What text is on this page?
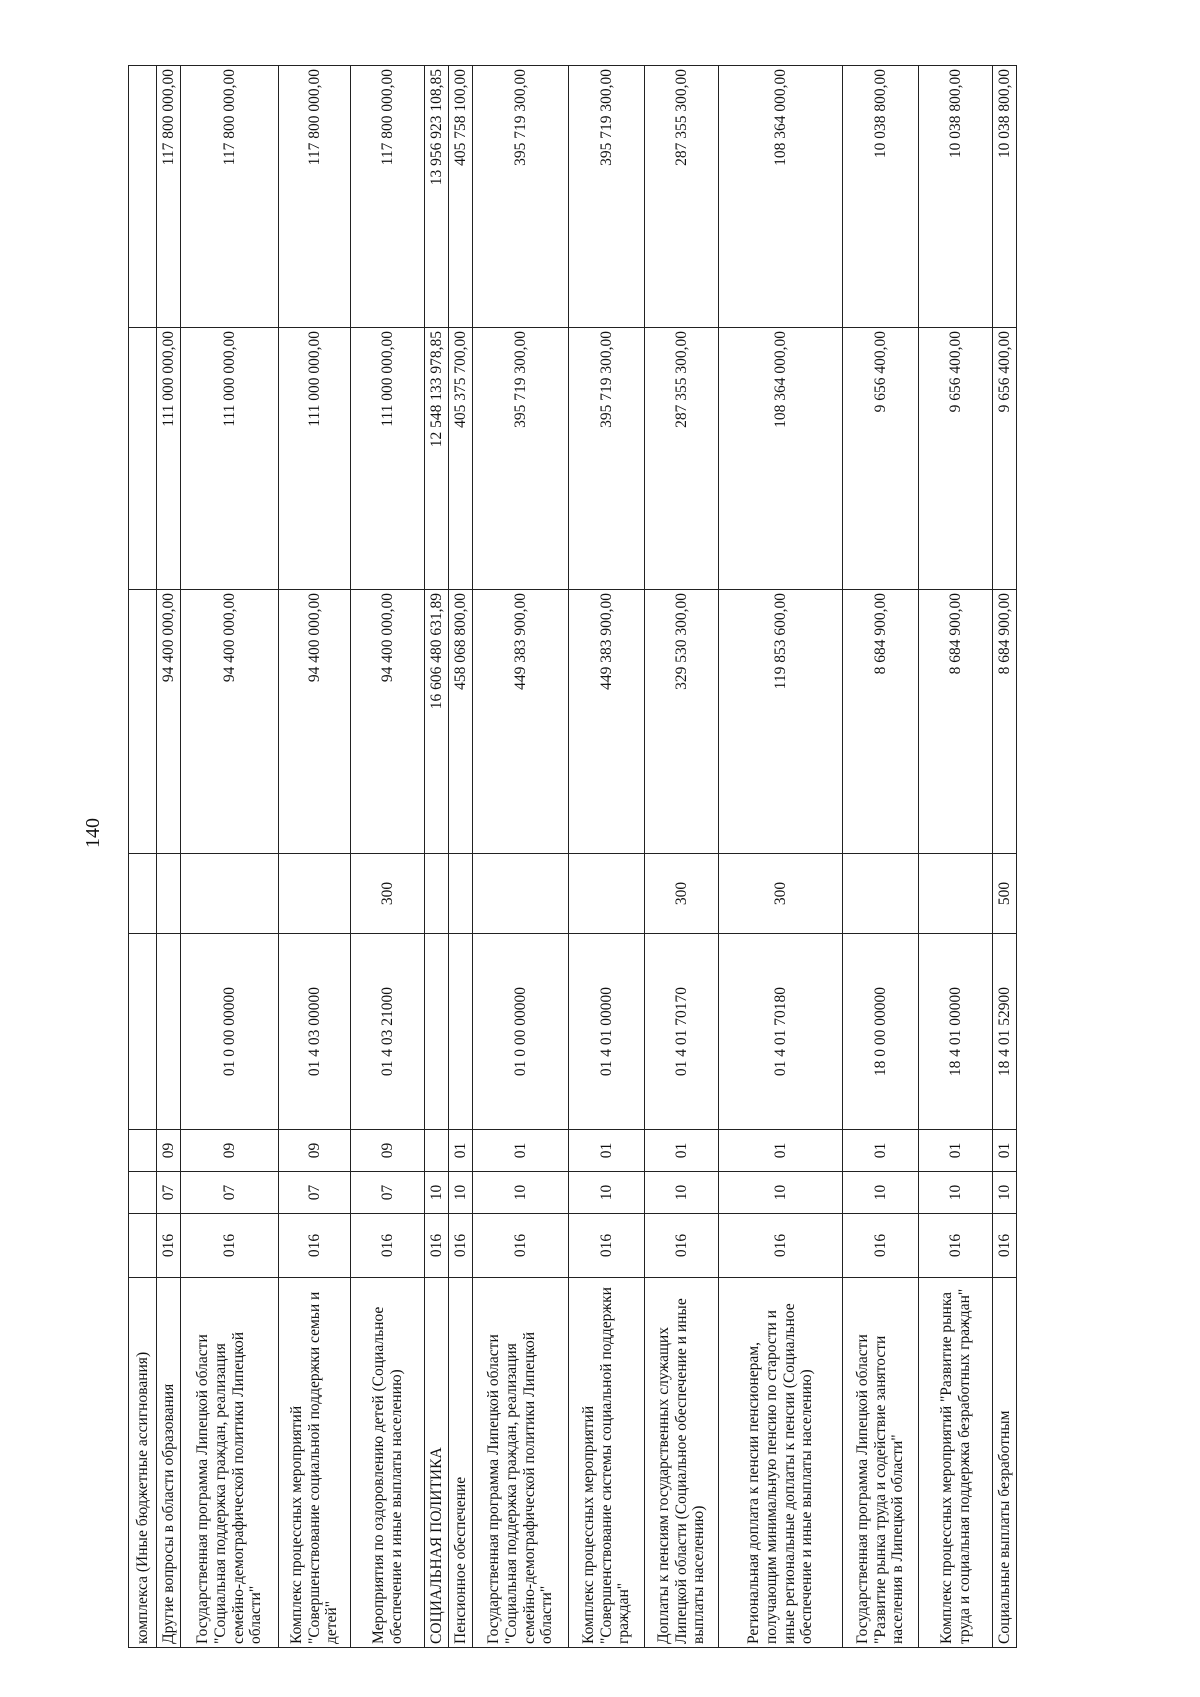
140
комплекса (Иные бюджетные ассигнования)								
Другие вопросы в области образования	016	07	09			94 400 000,00	111 000 000,00	117 800 000,00
Государственная программа Липецкой области "Социальная поддержка граждан, реализация семейно-демографической политики Липецкой области"	016	07	09	01 0 00 00000		94 400 000,00	111 000 000,00	117 800 000,00
Комплекс процессных мероприятий "Совершенствование социальной поддержки семьи и детей"	016	07	09	01 4 03 00000		94 400 000,00	111 000 000,00	117 800 000,00
Мероприятия по оздоровлению детей (Социальное обеспечение и иные выплаты населению)	016	07	09	01 4 03 21000	300	94 400 000,00	111 000 000,00	117 800 000,00
СОЦИАЛЬНАЯ ПОЛИТИКА	016	10				16 606 480 631,89	12 548 133 978,85	13 956 923 108,85
Пенсионное обеспечение	016	10	01			458 068 800,00	405 375 700,00	405 758 100,00
Государственная программа Липецкой области "Социальная поддержка граждан, реализация семейно-демографической политики Липецкой области"	016	10	01	01 0 00 00000		449 383 900,00	395 719 300,00	395 719 300,00
Комплекс процессных мероприятий "Совершенствование системы социальной поддержки граждан"	016	10	01	01 4 01 00000		449 383 900,00	395 719 300,00	395 719 300,00
Доплаты к пенсиям государственных служащих Липецкой области (Социальное обеспечение и иные выплаты населению)	016	10	01	01 4 01 70170	300	329 530 300,00	287 355 300,00	287 355 300,00
Региональная доплата к пенсии пенсионерам, получающим минимальную пенсию по старости и иные региональные доплаты к пенсии (Социальное обеспечение и иные выплаты населению)	016	10	01	01 4 01 70180	300	119 853 600,00	108 364 000,00	108 364 000,00
Государственная программа Липецкой области "Развитие рынка труда и содействие занятости населения в Липецкой области"	016	10	01	18 0 00 00000		8 684 900,00	9 656 400,00	10 038 800,00
Комплекс процессных мероприятий "Развитие рынка труда и социальная поддержка безработных граждан"	016	10	01	18 4 01 00000		8 684 900,00	9 656 400,00	10 038 800,00
Социальные выплаты безработным	016	10	01	18 4 01 52900	500	8 684 900,00	9 656 400,00	10 038 800,00
